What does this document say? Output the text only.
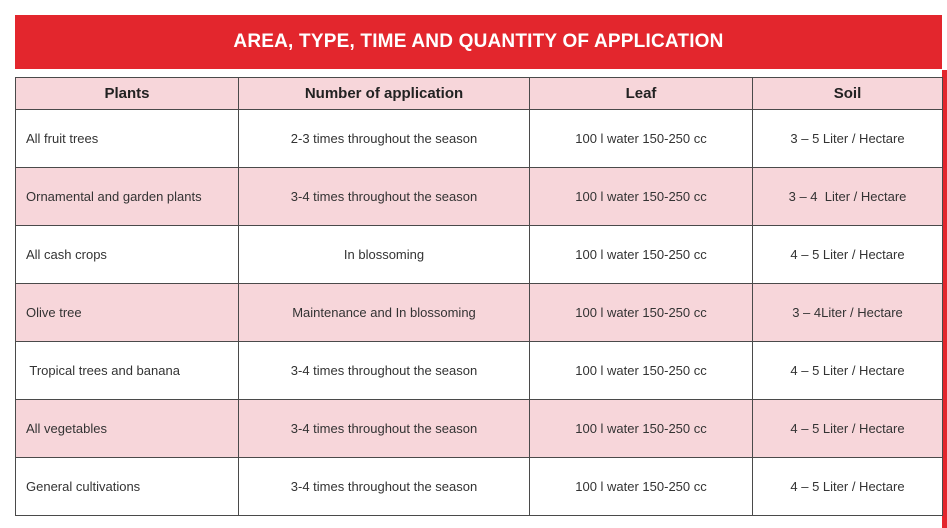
AREA, TYPE, TIME AND QUANTITY OF APPLICATION
Plants	Number of application	Leaf	Soil
All fruit trees	2-3 times throughout the season	100 l water 150-250 cc	3 – 5 Liter / Hectare
Ornamental and garden plants	3-4 times throughout the season	100 l water 150-250 cc	3 – 4  Liter / Hectare
All cash crops	In blossoming	100 l water 150-250 cc	4 – 5 Liter / Hectare
Olive tree	Maintenance and In blossoming	100 l water 150-250 cc	3 – 4Liter / Hectare
Tropical trees and banana	3-4 times throughout the season	100 l water 150-250 cc	4 – 5 Liter / Hectare
All vegetables	3-4 times throughout the season	100 l water 150-250 cc	4 – 5 Liter / Hectare
General cultivations	3-4 times throughout the season	100 l water 150-250 cc	4 – 5 Liter / Hectare
